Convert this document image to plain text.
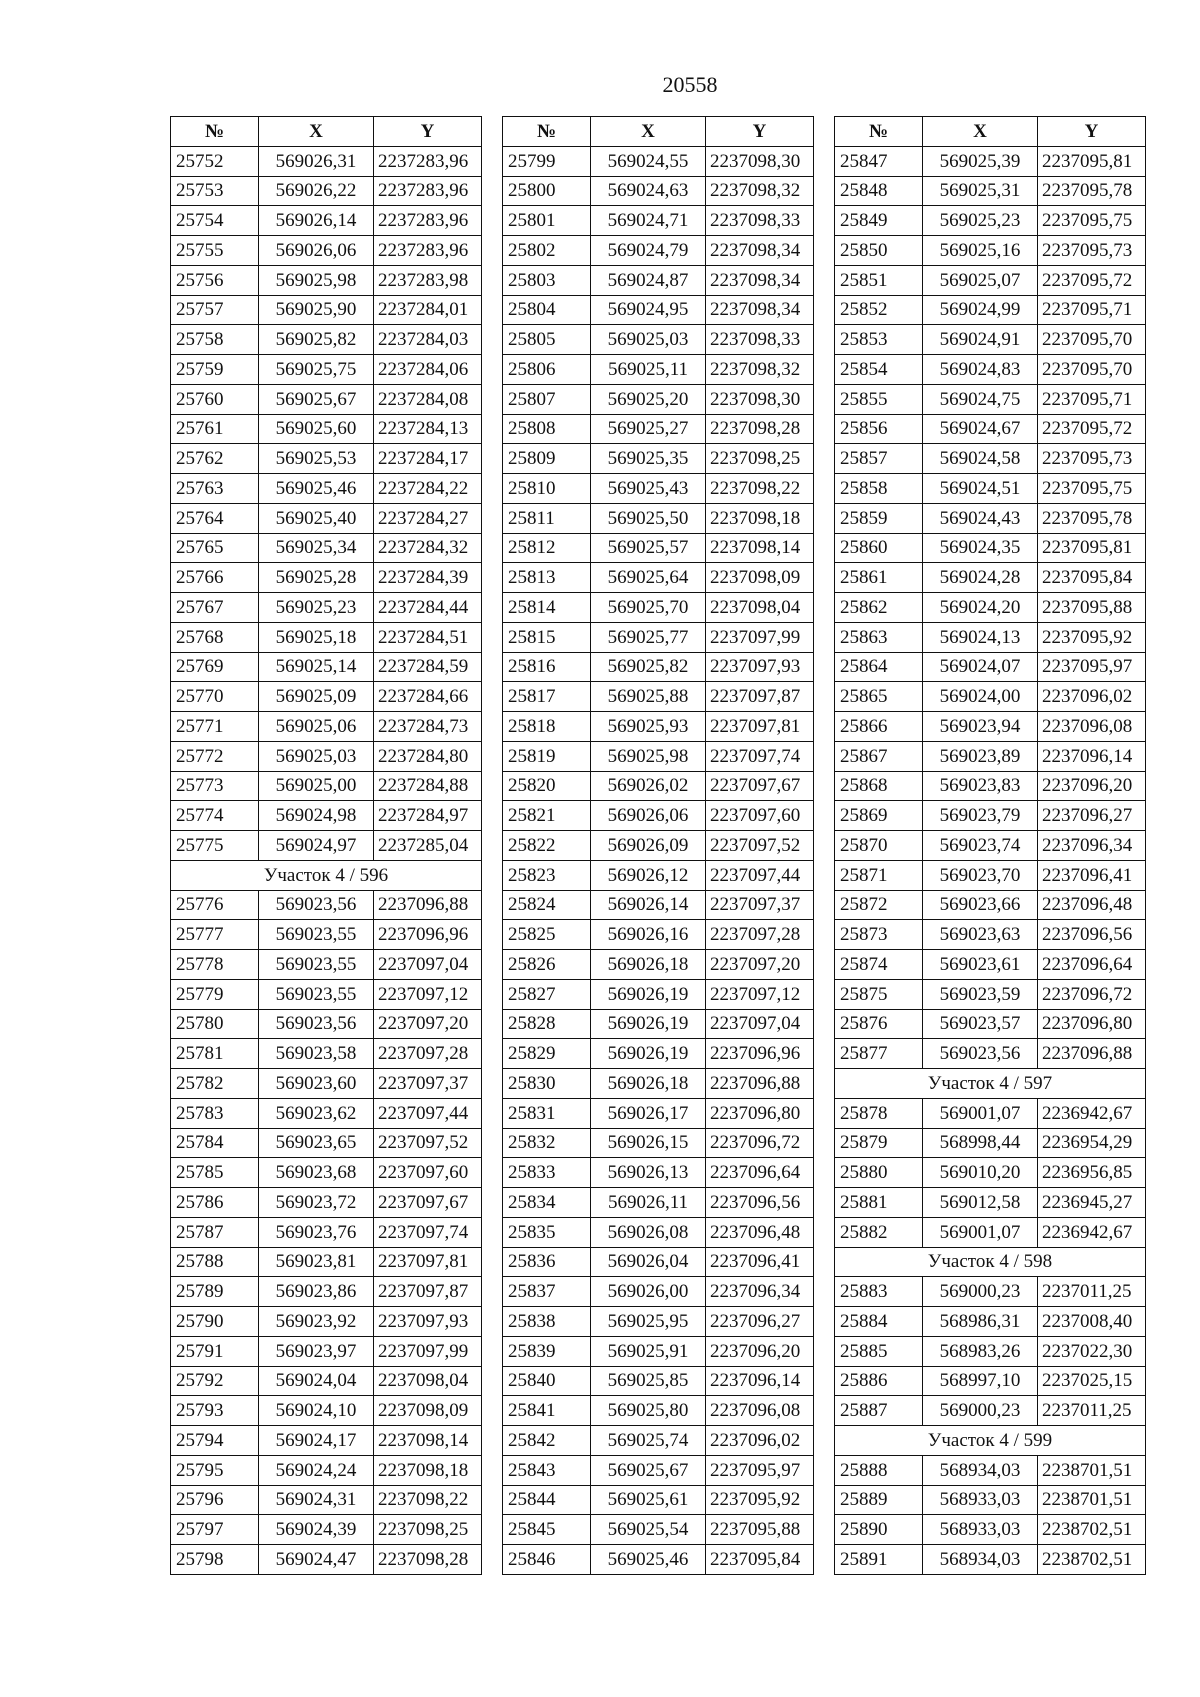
20558
№	X	Y
25752	569026,31	2237283,96
25753	569026,22	2237283,96
25754	569026,14	2237283,96
25755	569026,06	2237283,96
25756	569025,98	2237283,98
25757	569025,90	2237284,01
25758	569025,82	2237284,03
25759	569025,75	2237284,06
25760	569025,67	2237284,08
25761	569025,60	2237284,13
25762	569025,53	2237284,17
25763	569025,46	2237284,22
25764	569025,40	2237284,27
25765	569025,34	2237284,32
25766	569025,28	2237284,39
25767	569025,23	2237284,44
25768	569025,18	2237284,51
25769	569025,14	2237284,59
25770	569025,09	2237284,66
25771	569025,06	2237284,73
25772	569025,03	2237284,80
25773	569025,00	2237284,88
25774	569024,98	2237284,97
25775	569024,97	2237285,04
Участок 4 / 596		
25776	569023,56	2237096,88
25777	569023,55	2237096,96
25778	569023,55	2237097,04
25779	569023,55	2237097,12
25780	569023,56	2237097,20
25781	569023,58	2237097,28
25782	569023,60	2237097,37
25783	569023,62	2237097,44
25784	569023,65	2237097,52
25785	569023,68	2237097,60
25786	569023,72	2237097,67
25787	569023,76	2237097,74
25788	569023,81	2237097,81
25789	569023,86	2237097,87
25790	569023,92	2237097,93
25791	569023,97	2237097,99
25792	569024,04	2237098,04
25793	569024,10	2237098,09
25794	569024,17	2237098,14
25795	569024,24	2237098,18
25796	569024,31	2237098,22
25797	569024,39	2237098,25
25798	569024,47	2237098,28
№	X	Y
25799	569024,55	2237098,30
25800	569024,63	2237098,32
25801	569024,71	2237098,33
25802	569024,79	2237098,34
25803	569024,87	2237098,34
25804	569024,95	2237098,34
25805	569025,03	2237098,33
25806	569025,11	2237098,32
25807	569025,20	2237098,30
25808	569025,27	2237098,28
25809	569025,35	2237098,25
25810	569025,43	2237098,22
25811	569025,50	2237098,18
25812	569025,57	2237098,14
25813	569025,64	2237098,09
25814	569025,70	2237098,04
25815	569025,77	2237097,99
25816	569025,82	2237097,93
25817	569025,88	2237097,87
25818	569025,93	2237097,81
25819	569025,98	2237097,74
25820	569026,02	2237097,67
25821	569026,06	2237097,60
25822	569026,09	2237097,52
25823	569026,12	2237097,44
25824	569026,14	2237097,37
25825	569026,16	2237097,28
25826	569026,18	2237097,20
25827	569026,19	2237097,12
25828	569026,19	2237097,04
25829	569026,19	2237096,96
25830	569026,18	2237096,88
25831	569026,17	2237096,80
25832	569026,15	2237096,72
25833	569026,13	2237096,64
25834	569026,11	2237096,56
25835	569026,08	2237096,48
25836	569026,04	2237096,41
25837	569026,00	2237096,34
25838	569025,95	2237096,27
25839	569025,91	2237096,20
25840	569025,85	2237096,14
25841	569025,80	2237096,08
25842	569025,74	2237096,02
25843	569025,67	2237095,97
25844	569025,61	2237095,92
25845	569025,54	2237095,88
25846	569025,46	2237095,84
№	X	Y
25847	569025,39	2237095,81
25848	569025,31	2237095,78
25849	569025,23	2237095,75
25850	569025,16	2237095,73
25851	569025,07	2237095,72
25852	569024,99	2237095,71
25853	569024,91	2237095,70
25854	569024,83	2237095,70
25855	569024,75	2237095,71
25856	569024,67	2237095,72
25857	569024,58	2237095,73
25858	569024,51	2237095,75
25859	569024,43	2237095,78
25860	569024,35	2237095,81
25861	569024,28	2237095,84
25862	569024,20	2237095,88
25863	569024,13	2237095,92
25864	569024,07	2237095,97
25865	569024,00	2237096,02
25866	569023,94	2237096,08
25867	569023,89	2237096,14
25868	569023,83	2237096,20
25869	569023,79	2237096,27
25870	569023,74	2237096,34
25871	569023,70	2237096,41
25872	569023,66	2237096,48
25873	569023,63	2237096,56
25874	569023,61	2237096,64
25875	569023,59	2237096,72
25876	569023,57	2237096,80
25877	569023,56	2237096,88
Участок 4 / 597		
25878	569001,07	2236942,67
25879	568998,44	2236954,29
25880	569010,20	2236956,85
25881	569012,58	2236945,27
25882	569001,07	2236942,67
Участок 4 / 598		
25883	569000,23	2237011,25
25884	568986,31	2237008,40
25885	568983,26	2237022,30
25886	568997,10	2237025,15
25887	569000,23	2237011,25
Участок 4 / 599		
25888	568934,03	2238701,51
25889	568933,03	2238701,51
25890	568933,03	2238702,51
25891	568934,03	2238702,51
